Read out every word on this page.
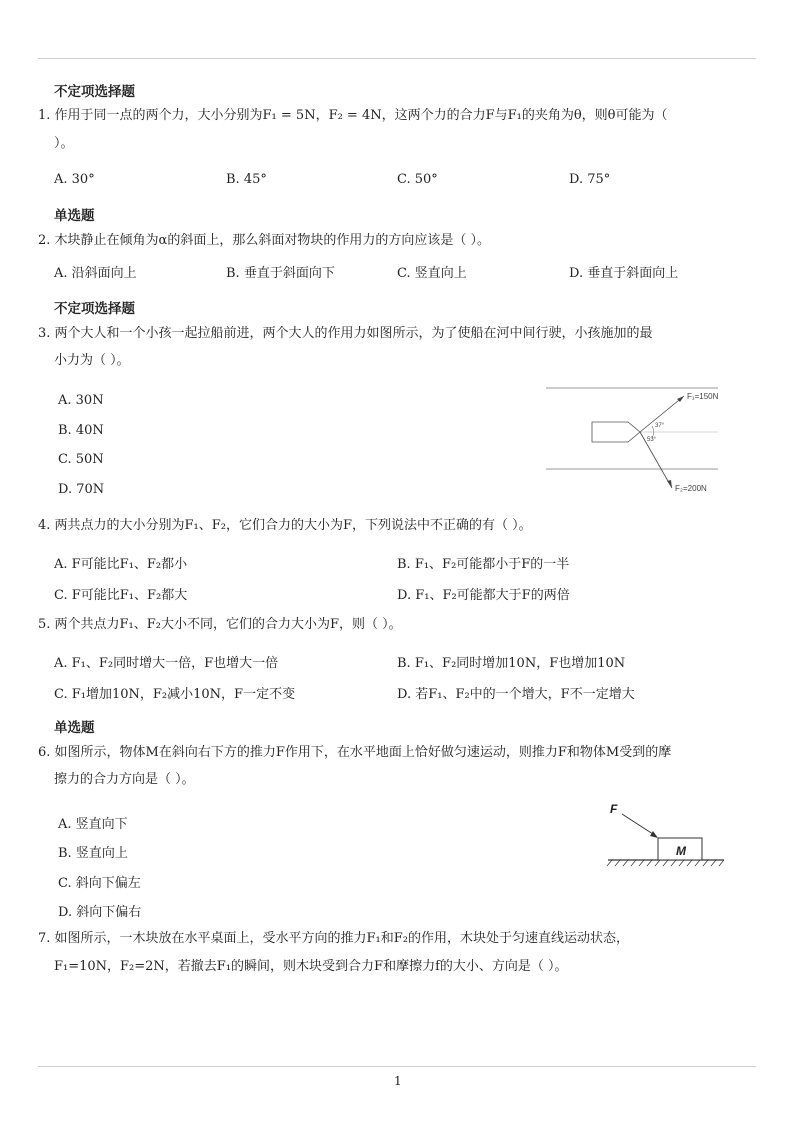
不定项选择题
1. 作用于同一点的两个力，大小分别为F₁ = 5N，F₂ = 4N，这两个力的合力F与F₁的夹角为θ，则θ可能为（
）。
A. 30°	B. 45°	C. 50°	D. 75°
单选题
2. 木块静止在倾角为α的斜面上，那么斜面对物块的作用力的方向应该是（ ）。
A. 沿斜面向上	B. 垂直于斜面向下	C. 竖直向上	D. 垂直于斜面向上
不定项选择题
3. 两个大人和一个小孩一起拉船前进，两个大人的作用力如图所示，为了使船在河中间行驶，小孩施加的最
小力为（ ）。
A. 30N
B. 40N
C. 50N
D. 70N
F₁=150N
F₂=200N
37°
53°
4. 两共点力的大小分别为F₁、F₂，它们合力的大小为F，下列说法中不正确的有（ ）。
A. F可能比F₁、F₂都小	B. F₁、F₂可能都小于F的一半
C. F可能比F₁、F₂都大	D. F₁、F₂可能都大于F的两倍
5. 两个共点力F₁、F₂大小不同，它们的合力大小为F，则（ ）。
A. F₁、F₂同时增大一倍，F也增大一倍	B. F₁、F₂同时增加10N，F也增加10N
C. F₁增加10N，F₂减小10N，F一定不变	D. 若F₁、F₂中的一个增大，F不一定增大
单选题
6. 如图所示，物体M在斜向右下方的推力F作用下，在水平地面上恰好做匀速运动，则推力F和物体M受到的摩
擦力的合力方向是（ ）。
A. 竖直向下
B. 竖直向上
C. 斜向下偏左
D. 斜向下偏右
M
F
7. 如图所示，一木块放在水平桌面上，受水平方向的推力F₁和F₂的作用，木块处于匀速直线运动状态，
F₁=10N，F₂=2N，若撤去F₁的瞬间，则木块受到合力F和摩擦力f的大小、方向是（ ）。
1
